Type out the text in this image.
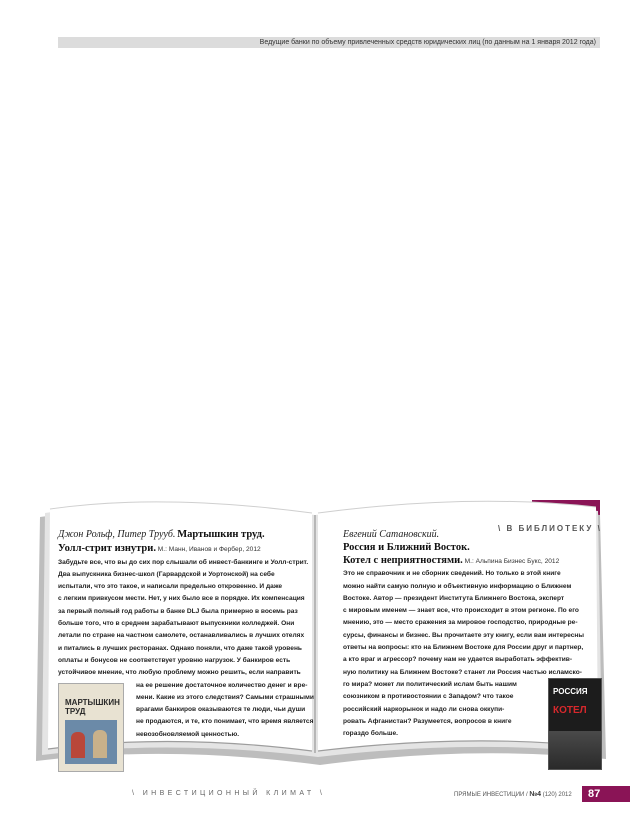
Ведущие банки по объему привлеченных средств юридических лиц (по данным на 1 января 2012 года)
\ В БИБЛИОТЕКУ \
Джон Рольф, Питер Трууб. Мартышкин труд.
Уолл-стрит изнутри. М.: Манн, Иванов и Фербер, 2012

Забудьте все, что вы до сих пор слышали об инвест-банкинге и Уолл-стрит.

Два выпускника бизнес-школ (Гарвардской и Уортонской) на себе

испытали, что это такое, и написали предельно откровенно. И даже

с легким привкусом мести. Нет, у них было все в порядке. Их компенсация

за первый полный год работы в банке DLJ была примерно в восемь раз

больше того, что в среднем зарабатывают выпускники колледжей. Они

летали по стране на частном самолете, останавливались в лучших отелях

и питались в лучших ресторанах. Однако поняли, что даже такой уровень

оплаты и бонусов не соответствует уровню нагрузок. У банкиров есть

устойчивое мнение, что любую проблему можно решить, если направить

на ее решение достаточное количество денег и вре-

мени. Какие из этого следствия? Самыми страшными

врагами банкиров оказываются те люди, чьи души

не продаются, и те, кто понимает, что время является

невозобновляемой ценностью.

МАРТЫШКИН ТРУД
Евгений Сатановский.
Россия и Ближний Восток.
Котел с неприятностями. М.: Альпина Бизнес Букс, 2012

Это не справочник и не сборник сведений. Но только в этой книге

можно найти самую полную и объективную информацию о Ближнем

Востоке. Автор — президент Института Ближнего Востока, эксперт

с мировым именем — знает все, что происходит в этом регионе. По его

мнению, это — место сражения за мировое господство, природные ре-

сурсы, финансы и бизнес. Вы прочитаете эту книгу, если вам интересны

ответы на вопросы: кто на Ближнем Востоке для России друг и партнер,

а кто враг и агрессор? почему нам не удается выработать эффектив-

ную политику на Ближнем Востоке? станет ли Россия частью исламско-

го мира? может ли политический ислам быть нашим

союзником в противостоянии с Западом? что такое

российский наркорынок и надо ли снова оккупи-

ровать Афганистан? Разумеется, вопросов в книге

гораздо больше.

РОССИЯ
КОТЕЛ
\ ИНВЕСТИЦИОННЫЙ КЛИМАТ \	ПРЯМЫЕ ИНВЕСТИЦИИ / №4 (120) 2012	87
